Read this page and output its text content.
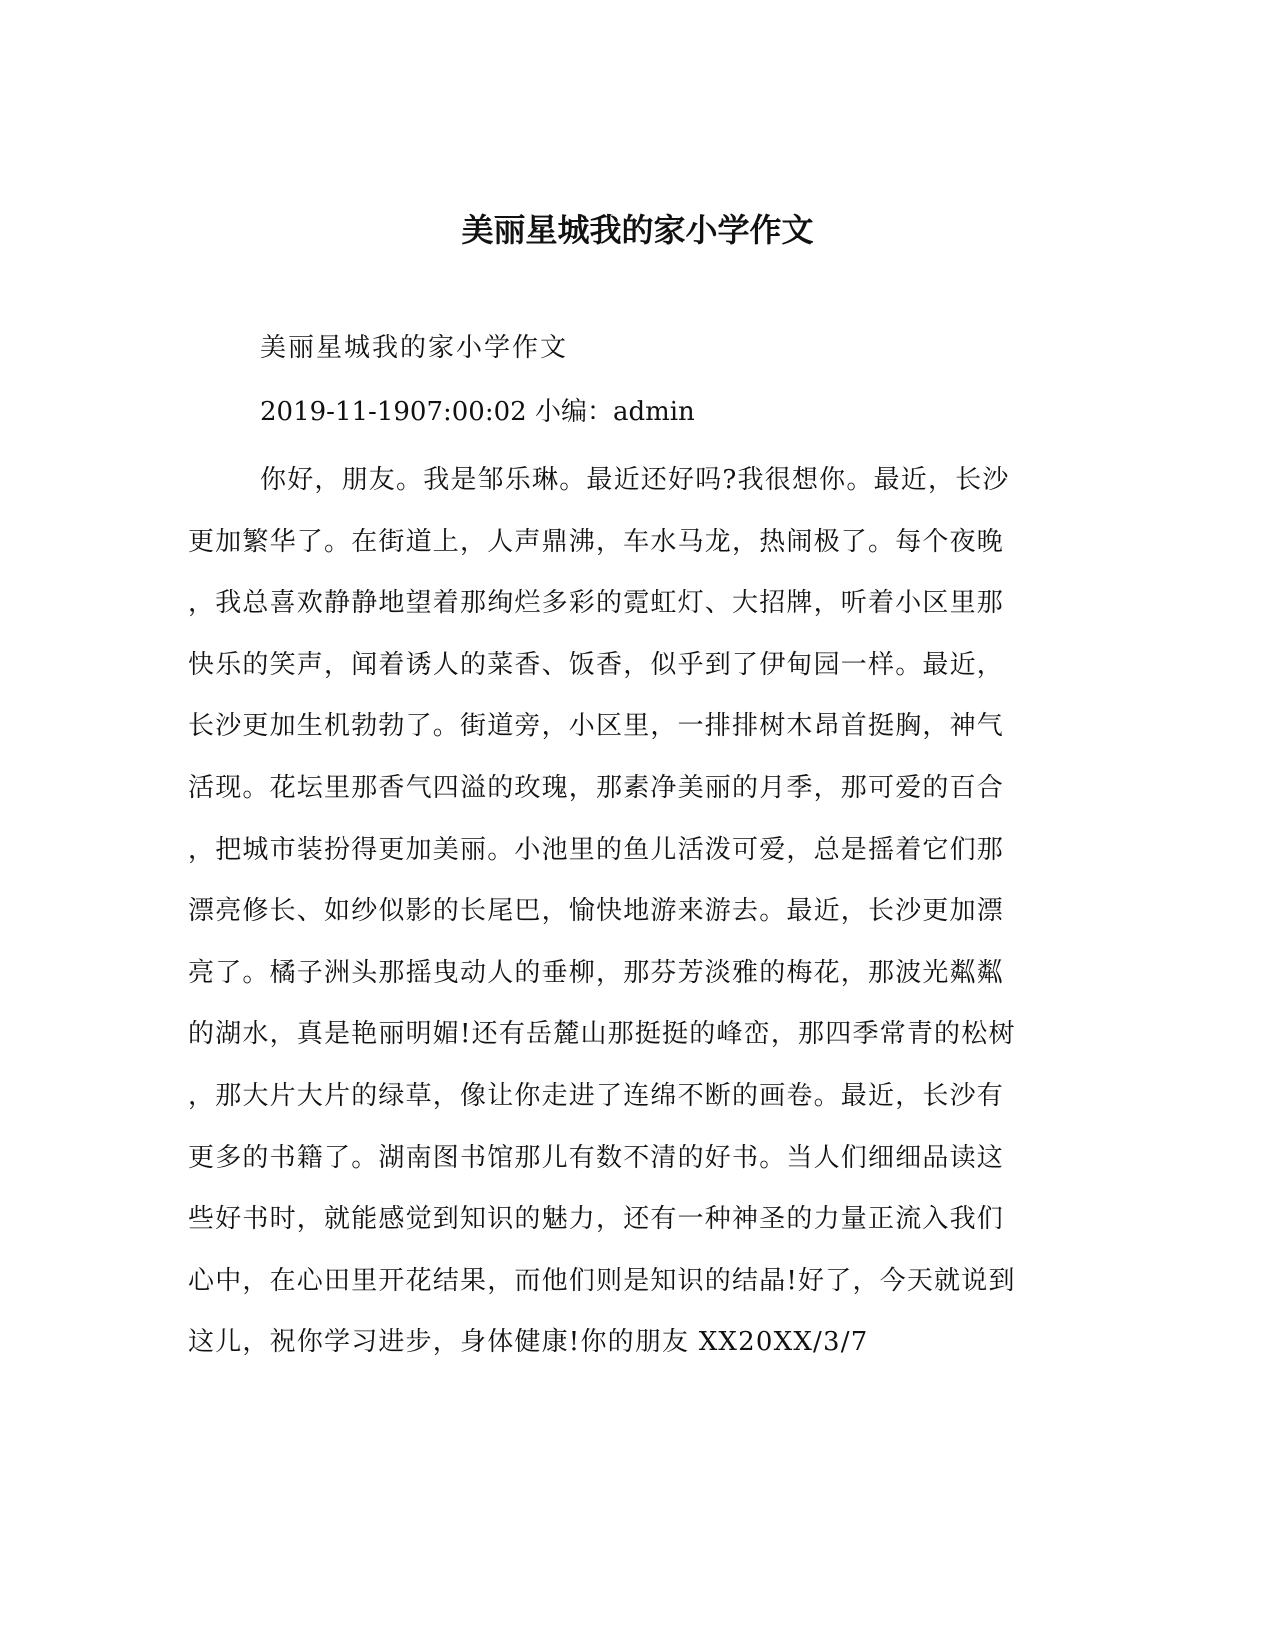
美丽星城我的家小学作文

美丽星城我的家小学作文

2019-11-1907:00:02 小编：admin

你好，朋友。我是邹乐琳。最近还好吗?我很想你。最近，长沙
更加繁华了。在街道上，人声鼎沸，车水马龙，热闹极了。每个夜晚
，我总喜欢静静地望着那绚烂多彩的霓虹灯、大招牌，听着小区里那
快乐的笑声，闻着诱人的菜香、饭香，似乎到了伊甸园一样。最近，
长沙更加生机勃勃了。街道旁，小区里，一排排树木昂首挺胸，神气
活现。花坛里那香气四溢的玫瑰，那素净美丽的月季，那可爱的百合
，把城市装扮得更加美丽。小池里的鱼儿活泼可爱，总是摇着它们那
漂亮修长、如纱似影的长尾巴，愉快地游来游去。最近，长沙更加漂
亮了。橘子洲头那摇曳动人的垂柳，那芬芳淡雅的梅花，那波光粼粼
的湖水，真是艳丽明媚!还有岳麓山那挺挺的峰峦，那四季常青的松树
，那大片大片的绿草，像让你走进了连绵不断的画卷。最近，长沙有
更多的书籍了。湖南图书馆那儿有数不清的好书。当人们细细品读这
些好书时，就能感觉到知识的魅力，还有一种神圣的力量正流入我们
心中，在心田里开花结果，而他们则是知识的结晶!好了，今天就说到
这儿，祝你学习进步，身体健康!你的朋友 XX20XX/3/7
